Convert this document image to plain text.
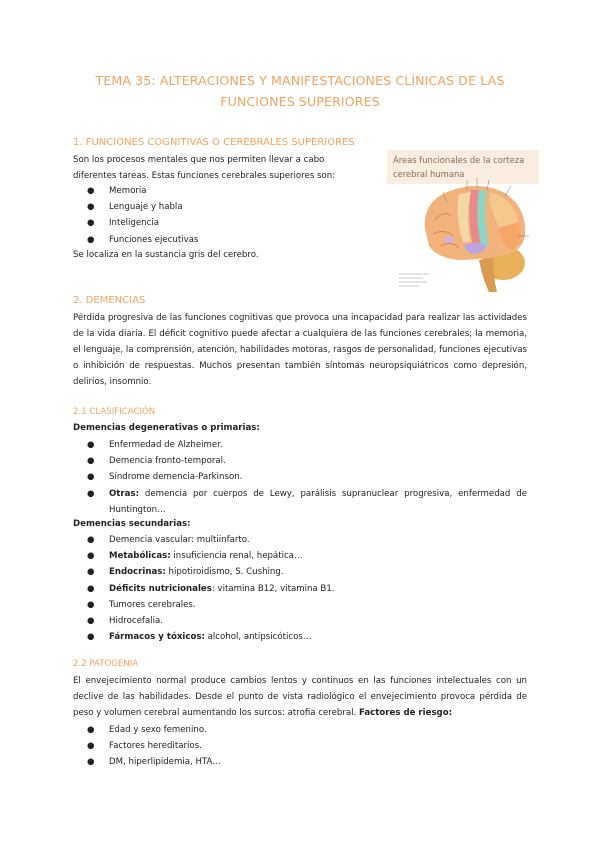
TEMA 35: ALTERACIONES Y MANIFESTACIONES CLÍNICAS DE LAS FUNCIONES SUPERIORES
1. FUNCIONES COGNITIVAS O CEREBRALES SUPERIORES
Son los procesos mentales que nos permiten llevar a cabo
diferentes tareas. Estas funciones cerebrales superiores son:
● Memoria
● Lenguaje y habla
● Inteligencia
● Funciones ejecutivas
Se localiza en la sustancia gris del cerebro.
Áreas funcionales de la corteza cerebral humana
2. DEMENCIAS
Pérdida progresiva de las funciones cognitivas que provoca una incapacidad para realizar las actividades de la vida diaria. El déficit cognitivo puede afectar a cualquiera de las funciones cerebrales; la memoria, el lenguaje, la comprensión, atención, habilidades motoras, rasgos de personalidad, funciones ejecutivas o inhibición de respuestas. Muchos presentan también síntomas neuropsiquiátricos como depresión, delirios, insomnio.
2.1 CLASIFICACIÓN
Demencias degenerativas o primarias:
● Enfermedad de Alzheimer.
● Demencia fronto-temporal.
● Síndrome demencia-Parkinson.
● Otras: demencia por cuerpos de Lewy, parálisis supranuclear progresiva, enfermedad de Huntington…
Demencias secundarias:
● Demencia vascular: multiinfarto.
● Metabólicas: insuficiencia renal, hepática…
● Endocrinas: hipotiroidismo, S. Cushing.
● Déficits nutricionales: vitamina B12, vitamina B1.
● Tumores cerebrales.
● Hidrocefalia.
● Fármacos y tóxicos: alcohol, antipsicóticos…
2.2 PATOGENIA
El envejecimiento normal produce cambios lentos y continuos en las funciones intelectuales con un declive de las habilidades. Desde el punto de vista radiológico el envejecimiento provoca pérdida de peso y volumen cerebral aumentando los surcos: atrofia cerebral. Factores de riesgo:
● Edad y sexo femenino.
● Factores hereditarios.
● DM, hiperlipidemia, HTA…
